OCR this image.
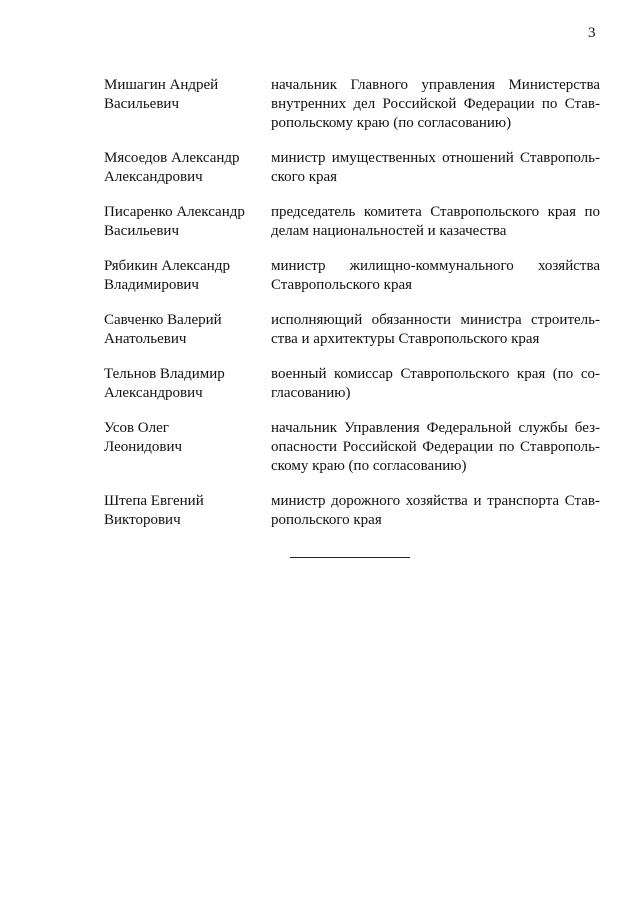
3
Мишагин Андрей
Васильевич
начальник Главного управления Министерства
внутренних дел Российской Федерации по Став-
ропольскому краю (по согласованию)
Мясоедов Александр
Александрович
министр имущественных отношений Ставрополь-
ского края
Писаренко Александр
Васильевич
председатель комитета Ставропольского края по
делам национальностей и казачества
Рябикин Александр
Владимирович
министр жилищно-коммунального хозяйства
Ставропольского края
Савченко Валерий
Анатольевич
исполняющий обязанности министра строитель-
ства и архитектуры Ставропольского края
Тельнов Владимир
Александрович
военный комиссар Ставропольского края (по со-
гласованию)
Усов Олег
Леонидович
начальник Управления Федеральной службы без-
опасности Российской Федерации по Ставрополь-
скому краю (по согласованию)
Штепа Евгений
Викторович
министр дорожного хозяйства и транспорта Став-
ропольского края
